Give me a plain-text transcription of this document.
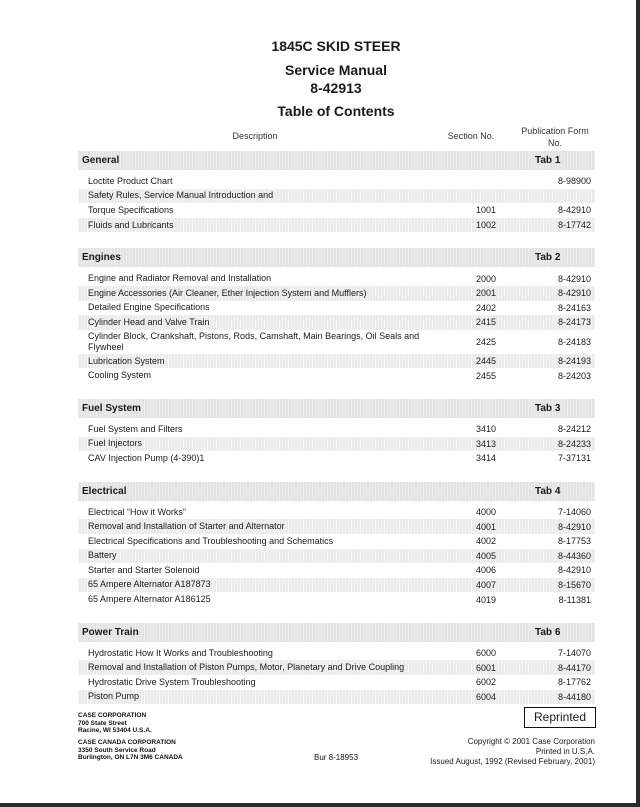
1845C SKID STEER
Service Manual
8-42913
Table of Contents
Description	Section No.	Publication Form No.
General	Tab 1
Loctite Product Chart	8-98900
Safety Rules, Service Manual Introduction and
Torque Specifications	1001	8-42910
Fluids and Lubricants	1002	8-17742
Engines	Tab 2
Engine and Radiator Removal and Installation	2000	8-42910
Engine Accessories (Air Cleaner, Ether Injection System and Mufflers)	2001	8-42910
Detailed Engine Specifications	2402	8-24163
Cylinder Head and Valve Train	2415	8-24173
Cylinder Block, Crankshaft, Pistons, Rods, Camshaft, Main Bearings, Oil Seals and Flywheel	2425	8-24183
Lubrication System	2445	8-24193
Cooling System	2455	8-24203
Fuel System	Tab 3
Fuel System and Filters	3410	8-24212
Fuel Injectors	3413	8-24233
CAV Injection Pump (4-390)1	3414	7-37131
Electrical	Tab 4
Electrical “How it Works”	4000	7-14060
Removal and Installation of Starter and Alternator	4001	8-42910
Electrical Specifications and Troubleshooting and Schematics	4002	8-17753
Battery	4005	8-44360
Starter and Starter Solenoid	4006	8-42910
65 Ampere Alternator A187873	4007	8-15670
65 Ampere Alternator A186125	4019	8-11381
Power Train	Tab 6
Hydrostatic How It Works and Troubleshooting	6000	7-14070
Removal and Installation of Piston Pumps, Motor, Planetary and Drive Coupling	6001	8-44170
Hydrostatic Drive System Troubleshooting	6002	8-17762
Piston Pump	6004	8-44180
CASE CORPORATION
700 State Street
Racine, WI 53404 U.S.A.
CASE CANADA CORPORATION
3350 South Service Road
Burlington, ON L7N 3M6 CANADA	Bur 8-18953
Reprinted
Copyright © 2001 Case Corporation
Printed in U.S.A.
Issued August, 1992 (Revised February, 2001)
